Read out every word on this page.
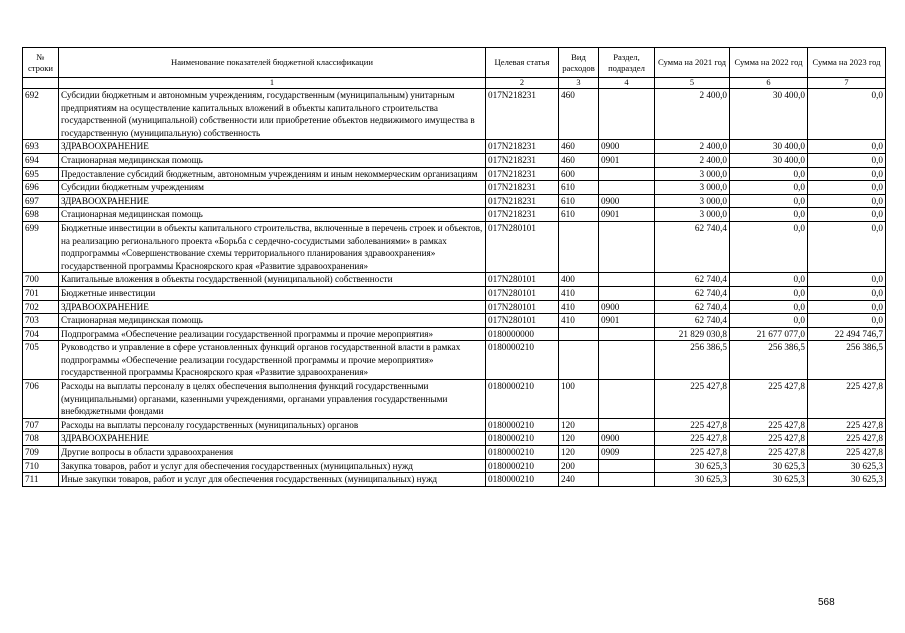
№ строки	Наименование показателей бюджетной классификации	Целевая статья	Вид расходов	Раздел, подраздел	Сумма на 2021 год	Сумма на 2022 год	Сумма на 2023 год
	1	2	3	4	5	6	7
692	Субсидии бюджетным и автономным учреждениям, государственным (муниципальным) унитарным предприятиям на осуществление капитальных вложений в объекты капитального строительства государственной (муниципальной) собственности или приобретение объектов недвижимого имущества в государственную (муниципальную) собственность	017N218231	460		2 400,0	30 400,0	0,0
693	ЗДРАВООХРАНЕНИЕ	017N218231	460	0900	2 400,0	30 400,0	0,0
694	Стационарная медицинская помощь	017N218231	460	0901	2 400,0	30 400,0	0,0
695	Предоставление субсидий бюджетным, автономным учреждениям и иным некоммерческим организациям	017N218231	600		3 000,0	0,0	0,0
696	Субсидии бюджетным учреждениям	017N218231	610		3 000,0	0,0	0,0
697	ЗДРАВООХРАНЕНИЕ	017N218231	610	0900	3 000,0	0,0	0,0
698	Стационарная медицинская помощь	017N218231	610	0901	3 000,0	0,0	0,0
699	Бюджетные инвестиции в объекты капитального строительства, включенные в перечень строек и объектов, на реализацию регионального проекта «Борьба с сердечно-сосудистыми заболеваниями» в рамках подпрограммы «Совершенствование схемы территориального планирования здравоохранения» государственной программы Красноярского края «Развитие здравоохранения»	017N280101			62 740,4	0,0	0,0
700	Капитальные вложения в объекты государственной (муниципальной) собственности	017N280101	400		62 740,4	0,0	0,0
701	Бюджетные инвестиции	017N280101	410		62 740,4	0,0	0,0
702	ЗДРАВООХРАНЕНИЕ	017N280101	410	0900	62 740,4	0,0	0,0
703	Стационарная медицинская помощь	017N280101	410	0901	62 740,4	0,0	0,0
704	Подпрограмма «Обеспечение реализации государственной программы и прочие мероприятия»	0180000000			21 829 030,8	21 677 077,0	22 494 746,7
705	Руководство и управление в сфере установленных функций органов государственной власти в рамках подпрограммы «Обеспечение реализации государственной программы и прочие мероприятия» государственной программы Красноярского края «Развитие здравоохранения»	0180000210			256 386,5	256 386,5	256 386,5
706	Расходы на выплаты персоналу в целях обеспечения выполнения функций государственными (муниципальными) органами, казенными учреждениями, органами управления государственными внебюджетными фондами	0180000210	100		225 427,8	225 427,8	225 427,8
707	Расходы на выплаты персоналу государственных (муниципальных) органов	0180000210	120		225 427,8	225 427,8	225 427,8
708	ЗДРАВООХРАНЕНИЕ	0180000210	120	0900	225 427,8	225 427,8	225 427,8
709	Другие вопросы в области здравоохранения	0180000210	120	0909	225 427,8	225 427,8	225 427,8
710	Закупка товаров, работ и услуг для обеспечения государственных (муниципальных) нужд	0180000210	200		30 625,3	30 625,3	30 625,3
711	Иные закупки товаров, работ и услуг для обеспечения государственных (муниципальных) нужд	0180000210	240		30 625,3	30 625,3	30 625,3
568
